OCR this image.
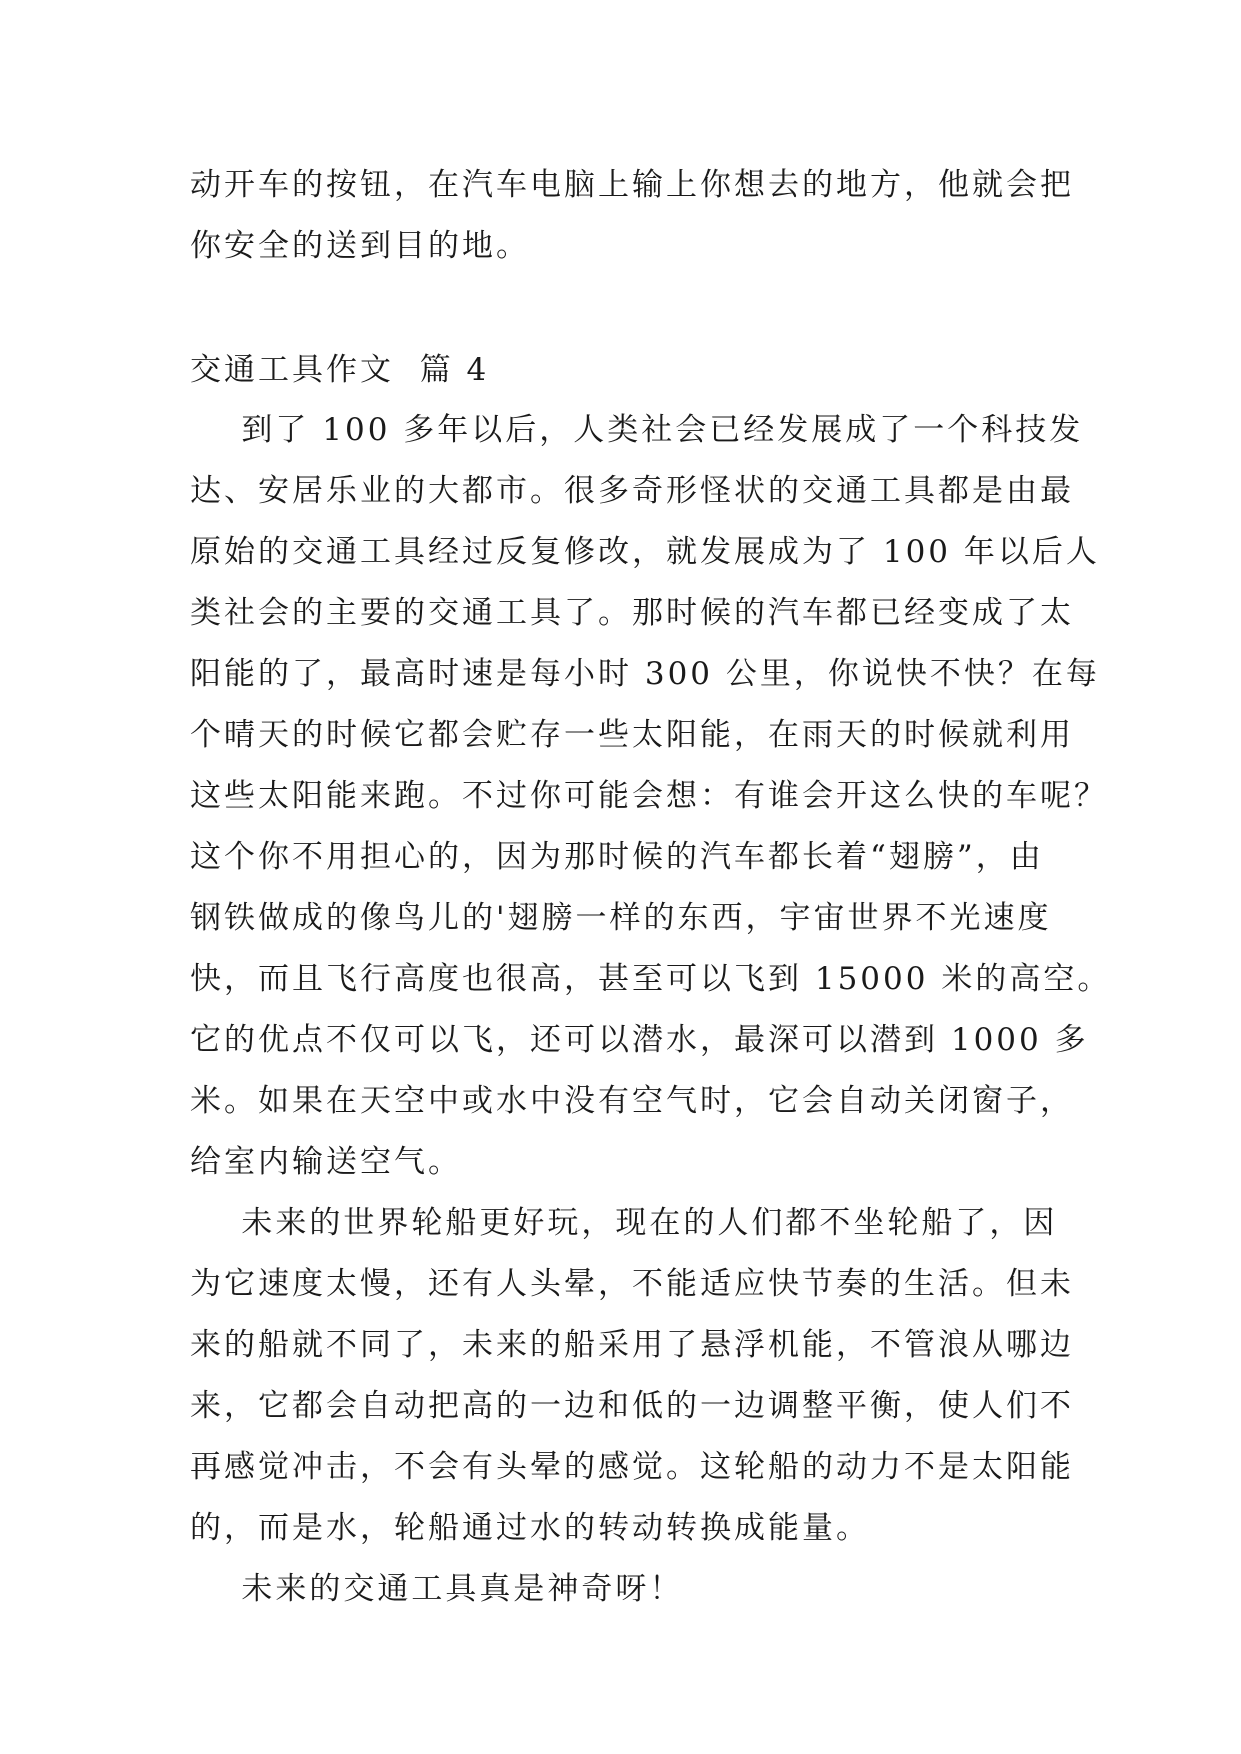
动开车的按钮，在汽车电脑上输上你想去的地方，他就会把
你安全的送到目的地。
交通工具作文  篇 4
到了 100 多年以后，人类社会已经发展成了一个科技发
达、安居乐业的大都市。很多奇形怪状的交通工具都是由最
原始的交通工具经过反复修改，就发展成为了 100 年以后人
类社会的主要的交通工具了。那时候的汽车都已经变成了太
阳能的了，最高时速是每小时 300 公里，你说快不快？在每
个晴天的时候它都会贮存一些太阳能，在雨天的时候就利用
这些太阳能来跑。不过你可能会想：有谁会开这么快的车呢？
这个你不用担心的，因为那时候的汽车都长着“翅膀”，由
钢铁做成的像鸟儿的'翅膀一样的东西，宇宙世界不光速度
快，而且飞行高度也很高，甚至可以飞到 15000 米的高空。
它的优点不仅可以飞，还可以潜水，最深可以潜到 1000 多
米。如果在天空中或水中没有空气时，它会自动关闭窗子，
给室内输送空气。
未来的世界轮船更好玩，现在的人们都不坐轮船了，因
为它速度太慢，还有人头晕，不能适应快节奏的生活。但未
来的船就不同了，未来的船采用了悬浮机能，不管浪从哪边
来，它都会自动把高的一边和低的一边调整平衡，使人们不
再感觉冲击，不会有头晕的感觉。这轮船的动力不是太阳能
的，而是水，轮船通过水的转动转换成能量。
未来的交通工具真是神奇呀！
